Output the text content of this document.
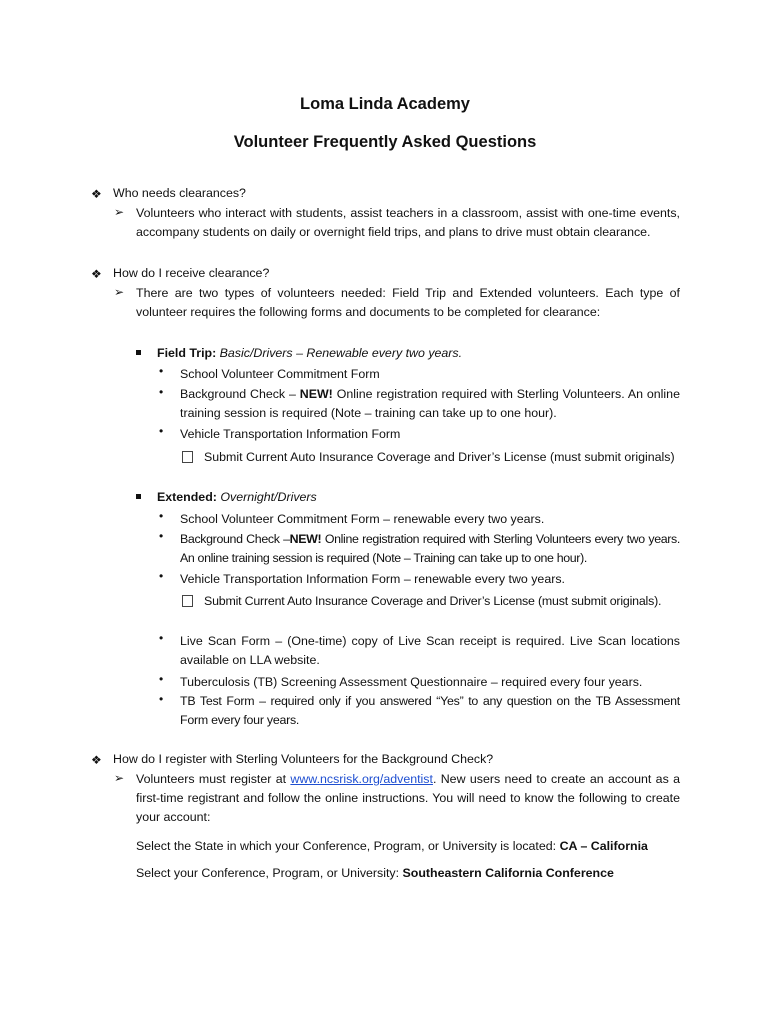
Loma Linda Academy
Volunteer Frequently Asked Questions
❖ Who needs clearances?
➢ Volunteers who interact with students, assist teachers in a classroom, assist with one-time events, accompany students on daily or overnight field trips, and plans to drive must obtain clearance.
❖ How do I receive clearance?
➢ There are two types of volunteers needed: Field Trip and Extended volunteers. Each type of volunteer requires the following forms and documents to be completed for clearance:
Field Trip: Basic/Drivers – Renewable every two years.
• School Volunteer Commitment Form
• Background Check – NEW! Online registration required with Sterling Volunteers. An online training session is required (Note – training can take up to one hour).
• Vehicle Transportation Information Form
Submit Current Auto Insurance Coverage and Driver’s License (must submit originals)
Extended: Overnight/Drivers
• School Volunteer Commitment Form – renewable every two years.
• Background Check –NEW! Online registration required with Sterling Volunteers every two years. An online training session is required (Note – Training can take up to one hour).
• Vehicle Transportation Information Form – renewable every two years.
Submit Current Auto Insurance Coverage and Driver’s License (must submit originals).
• Live Scan Form – (One-time) copy of Live Scan receipt is required. Live Scan locations available on LLA website.
• Tuberculosis (TB) Screening Assessment Questionnaire – required every four years.
• TB Test Form – required only if you answered “Yes” to any question on the TB Assessment Form every four years.
❖ How do I register with Sterling Volunteers for the Background Check?
➢ Volunteers must register at www.ncsrisk.org/adventist. New users need to create an account as a first-time registrant and follow the online instructions. You will need to know the following to create your account:
Select the State in which your Conference, Program, or University is located: CA – California
Select your Conference, Program, or University: Southeastern California Conference
